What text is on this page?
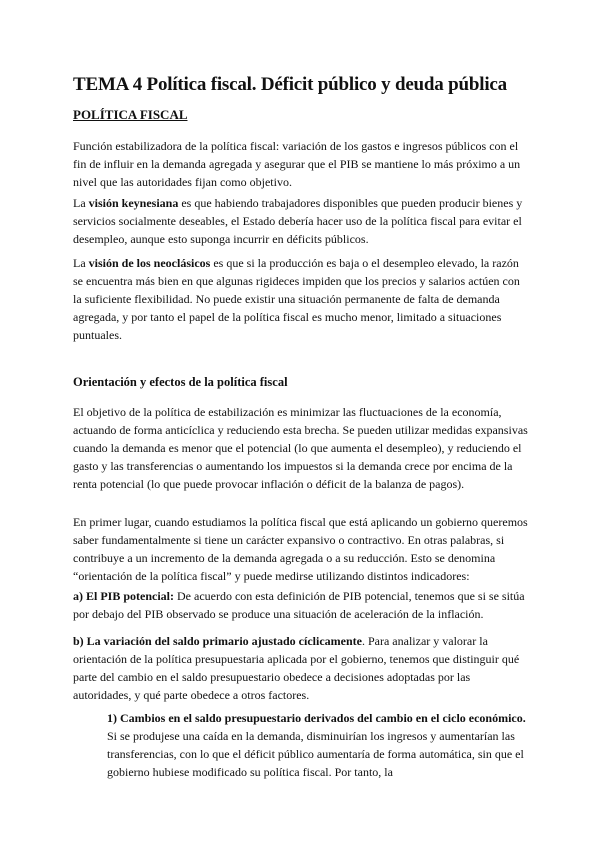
TEMA 4 Política fiscal. Déficit público y deuda pública
POLÍTICA FISCAL

Función estabilizadora de la política fiscal: variación de los gastos e ingresos públicos con el fin de influir en la demanda agregada y asegurar que el PIB se mantiene lo más próximo a un nivel que las autoridades fijan como objetivo.

La visión keynesiana es que habiendo trabajadores disponibles que pueden producir bienes y servicios socialmente deseables, el Estado debería hacer uso de la política fiscal para evitar el desempleo, aunque esto suponga incurrir en déficits públicos.

La visión de los neoclásicos es que si la producción es baja o el desempleo elevado, la razón se encuentra más bien en que algunas rigideces impiden que los precios y salarios actúen con la suficiente flexibilidad. No puede existir una situación permanente de falta de demanda agregada, y por tanto el papel de la política fiscal es mucho menor, limitado a situaciones puntuales.

Orientación y efectos de la política fiscal

El objetivo de la política de estabilización es minimizar las fluctuaciones de la economía, actuando de forma anticíclica y reduciendo esta brecha. Se pueden utilizar medidas expansivas cuando la demanda es menor que el potencial (lo que aumenta el desempleo), y reduciendo el gasto y las transferencias o aumentando los impuestos si la demanda crece por encima de la renta potencial (lo que puede provocar inflación o déficit de la balanza de pagos).

En primer lugar, cuando estudiamos la política fiscal que está aplicando un gobierno queremos saber fundamentalmente si tiene un carácter expansivo o contractivo. En otras palabras, si contribuye a un incremento de la demanda agregada o a su reducción. Esto se denomina “orientación de la política fiscal” y puede medirse utilizando distintos indicadores:

a) El PIB potencial: De acuerdo con esta definición de PIB potencial, tenemos que si se sitúa por debajo del PIB observado se produce una situación de aceleración de la inflación.

b) La variación del saldo primario ajustado cíclicamente. Para analizar y valorar la orientación de la política presupuestaria aplicada por el gobierno, tenemos que distinguir qué parte del cambio en el saldo presupuestario obedece a decisiones adoptadas por las autoridades, y qué parte obedece a otros factores.

1) Cambios en el saldo presupuestario derivados del cambio en el ciclo económico. Si se produjese una caída en la demanda, disminuirían los ingresos y aumentarían las transferencias, con lo que el déficit público aumentaría de forma automática, sin que el gobierno hubiese modificado su política fiscal. Por tanto, la
